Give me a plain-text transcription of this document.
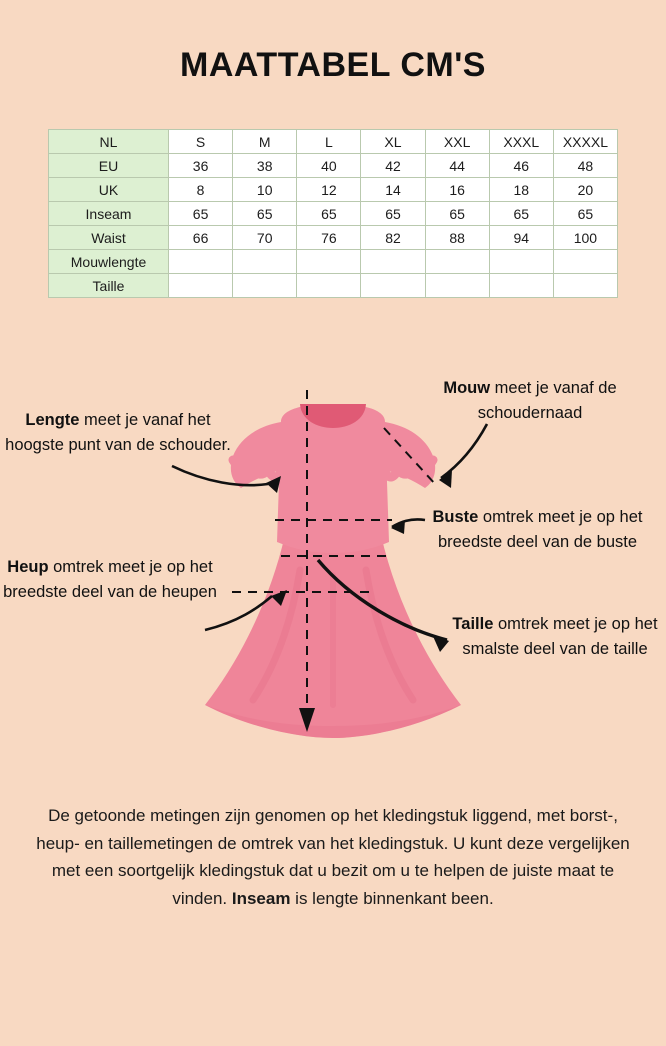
MAATTABEL CM'S
NL	S	M	L	XL	XXL	XXXL	XXXXL
EU	36	38	40	42	44	46	48
UK	8	10	12	14	16	18	20
Inseam	65	65	65	65	65	65	65
Waist	66	70	76	82	88	94	100
Mouwlengte							
Taille							
Mouw meet je vanaf de schoudernaad
Lengte meet je vanaf het hoogste punt van de schouder.
Buste omtrek meet je op het breedste deel van de buste
Heup omtrek meet je op het breedste deel van de heupen
Taille omtrek meet je op het smalste deel van de taille
De getoonde metingen zijn genomen op het kledingstuk liggend, met borst-, heup- en taillemetingen de omtrek van het kledingstuk. U kunt deze vergelijken met een soortgelijk kledingstuk dat u bezit om u te helpen de juiste maat te vinden. Inseam is lengte binnenkant been.
